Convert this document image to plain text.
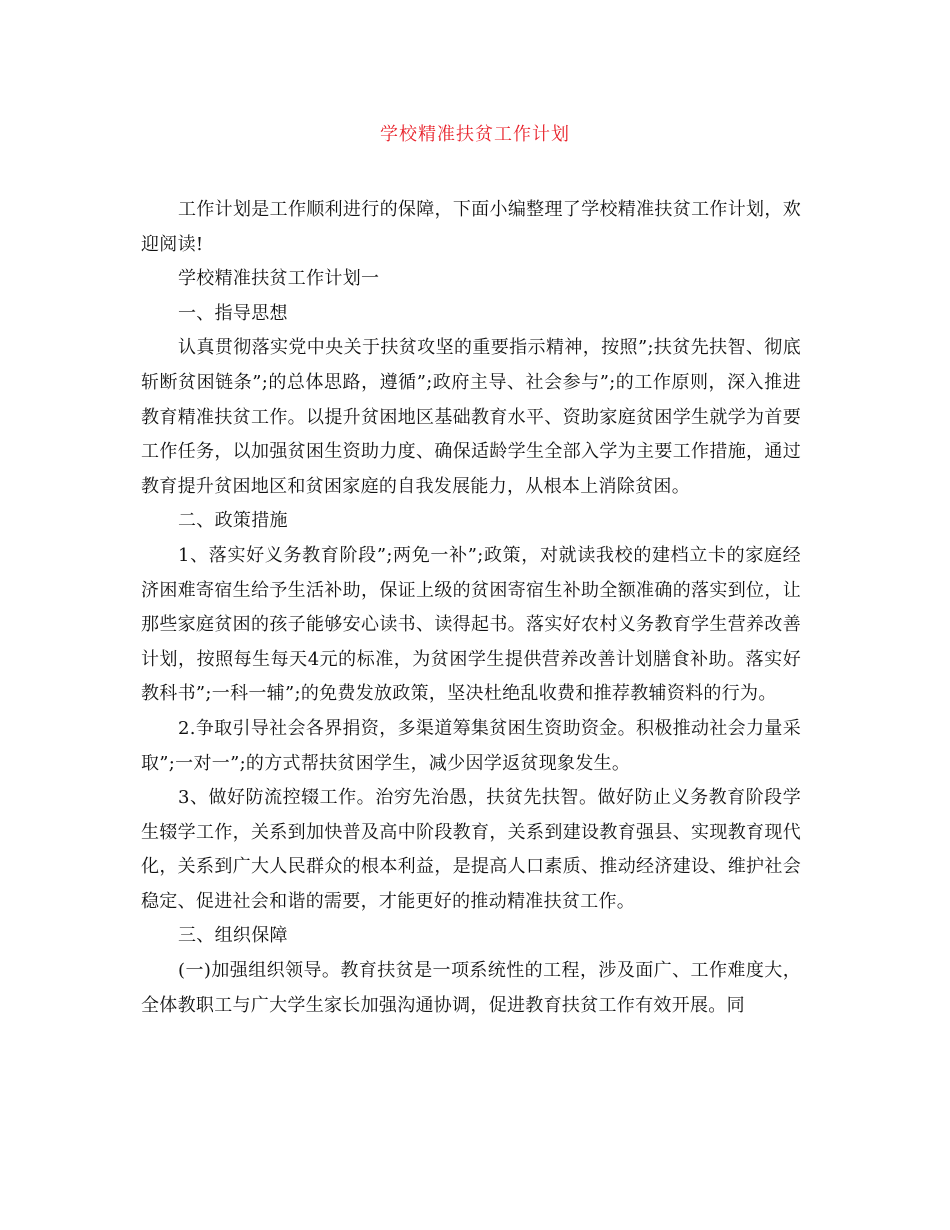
学校精准扶贫工作计划

工作计划是工作顺利进行的保障，下面小编整理了学校精准扶贫工作计划，欢迎阅读!

学校精准扶贫工作计划一

一、指导思想

认真贯彻落实党中央关于扶贫攻坚的重要指示精神，按照”;扶贫先扶智、彻底斩断贫困链条”;的总体思路，遵循”;政府主导、社会参与”;的工作原则，深入推进教育精准扶贫工作。以提升贫困地区基础教育水平、资助家庭贫困学生就学为首要工作任务，以加强贫困生资助力度、确保适龄学生全部入学为主要工作措施，通过教育提升贫困地区和贫困家庭的自我发展能力，从根本上消除贫困。

二、政策措施

1、落实好义务教育阶段”;两免一补”;政策，对就读我校的建档立卡的家庭经济困难寄宿生给予生活补助，保证上级的贫困寄宿生补助全额准确的落实到位，让那些家庭贫困的孩子能够安心读书、读得起书。落实好农村义务教育学生营养改善计划，按照每生每天4元的标准，为贫困学生提供营养改善计划膳食补助。落实好教科书”;一科一辅”;的免费发放政策，坚决杜绝乱收费和推荐教辅资料的行为。

2.争取引导社会各界捐资，多渠道筹集贫困生资助资金。积极推动社会力量采取”;一对一”;的方式帮扶贫困学生，减少因学返贫现象发生。

3、做好防流控辍工作。治穷先治愚，扶贫先扶智。做好防止义务教育阶段学生辍学工作，关系到加快普及高中阶段教育，关系到建设教育强县、实现教育现代化，关系到广大人民群众的根本利益，是提高人口素质、推动经济建设、维护社会稳定、促进社会和谐的需要，才能更好的推动精准扶贫工作。

三、组织保障

(一)加强组织领导。教育扶贫是一项系统性的工程，涉及面广、工作难度大，全体教职工与广大学生家长加强沟通协调，促进教育扶贫工作有效开展。同
